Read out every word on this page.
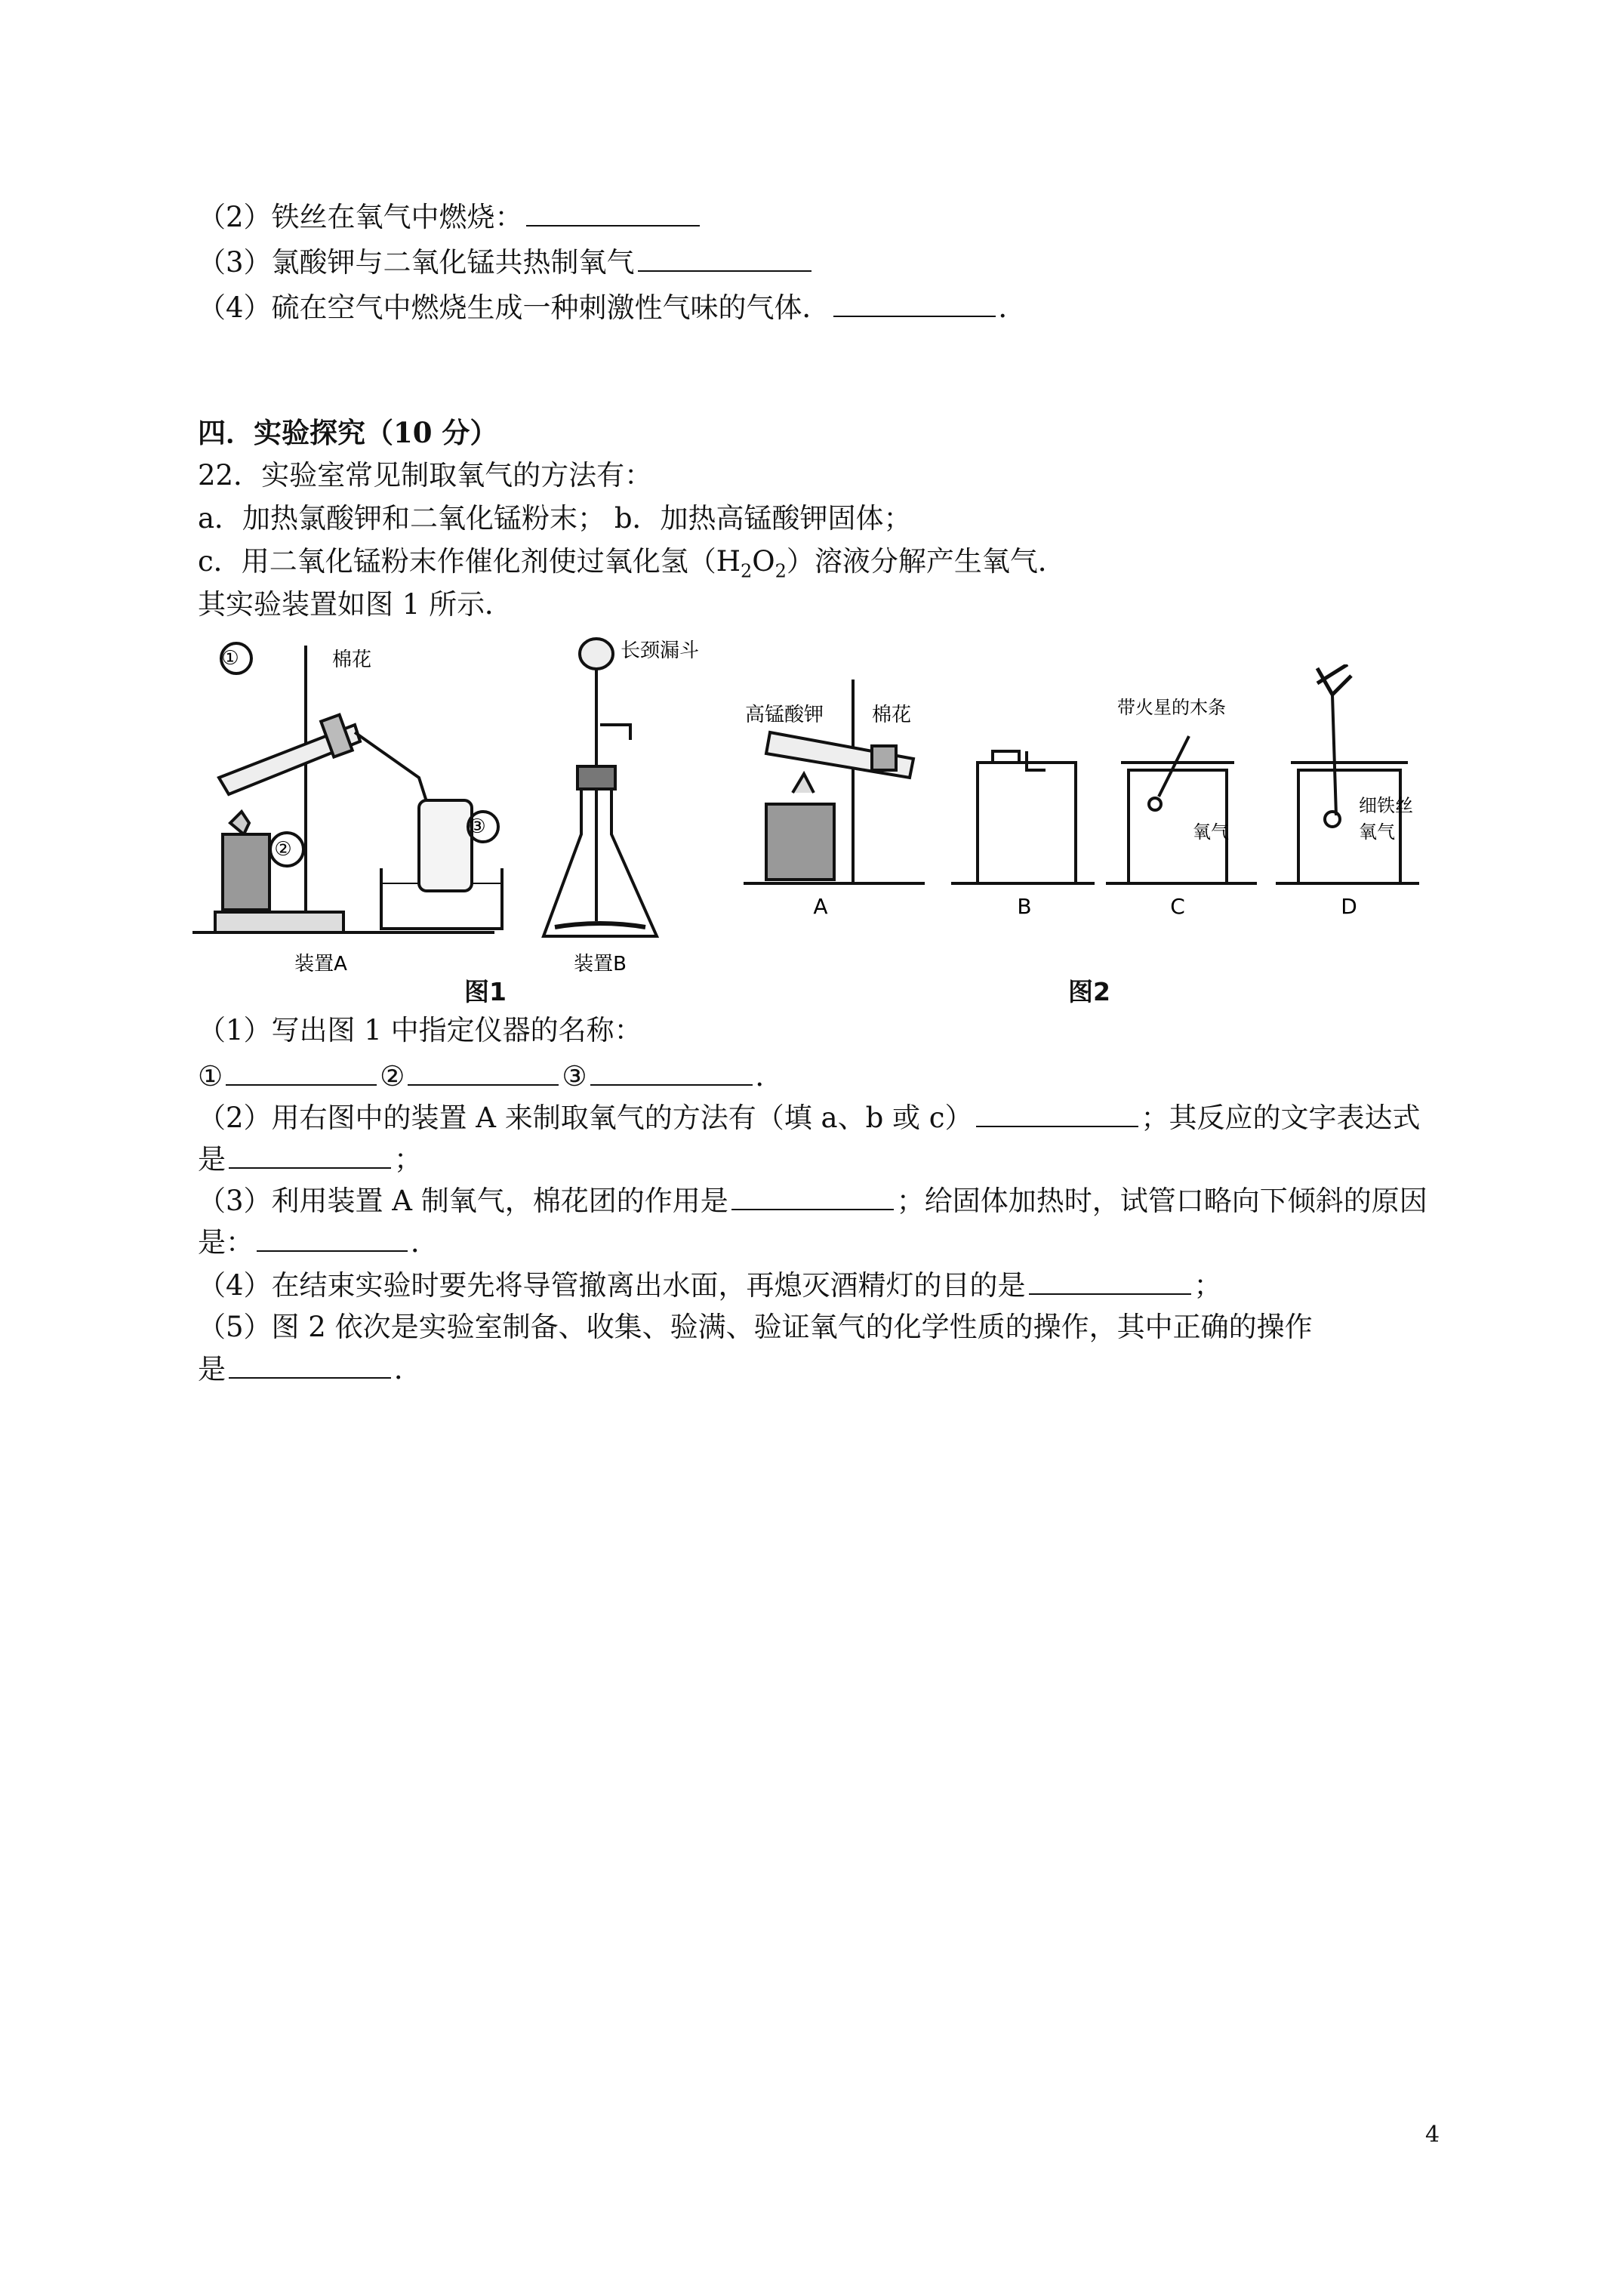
（2）铁丝在氧气中燃烧：
（3）氯酸钾与二氧化锰共热制氧气
（4）硫在空气中燃烧生成一种刺激性气味的气体．	．
四．实验探究（10 分）
22．实验室常见制取氧气的方法有：
a．加热氯酸钾和二氧化锰粉末； b．加热高锰酸钾固体；
c．用二氧化锰粉末作催化剂使过氧化氢$(H_2O_2)$溶液分解产生氧气．
其实验装置如图 1 所示．
①
②
③
棉花	长颈漏斗
装置A	装置B
图1
高锰酸钾 棉花	带火星的木条
氧气
细铁丝
氧气
A	B	C	D
图2
（1）写出图 1 中指定仪器的名称：
①	②	③	．
（2）用右图中的装置 A 来制取氧气的方法有（填 a、b 或 c）	；其反应的文字表达式
是	；
（3）利用装置 A 制氧气，棉花团的作用是	；给固体加热时，试管口略向下倾斜的原因
是：	．
（4）在结束实验时要先将导管撤离出水面，再熄灭酒精灯的目的是	；
（5）图 2 依次是实验室制备、收集、验满、验证氧气的化学性质的操作，其中正确的操作
是	．
4
